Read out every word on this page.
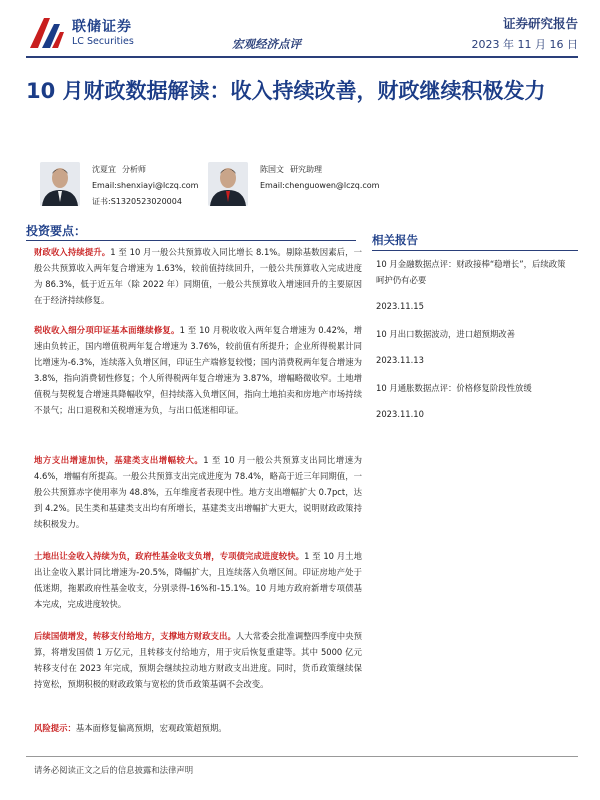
联储证券
LC Securities	宏观经济点评
证券研究报告
2023 年 11 月 16 日
10 月财政数据解读：收入持续改善，财政继续积极发力
沈夏宜 分析师
Email:shenxiayi@lczq.com
证书:S1320523020004
陈国文 研究助理
Email:chenguowen@lczq.com
投资要点：
相关报告
财政收入持续提升。1 至 10 月一般公共预算收入同比增长 8.1%。剔除基数因素后，一般公共预算收入两年复合增速为 1.63%，较前值持续回升，一般公共预算收入完成进度为 86.3%，低于近五年（除 2022 年）同期值，一般公共预算收入增速回升的主要原因在于经济持续修复。
税收收入细分项印证基本面继续修复。1 至 10 月税收收入两年复合增速为 0.42%，增速由负转正，国内增值税两年复合增速为 3.76%，较前值有所提升；企业所得税累计同比增速为-6.3%，连续落入负增区间，印证生产端修复较慢；国内消费税两年复合增速为 3.8%，指向消费韧性修复；个人所得税两年复合增速为 3.87%，增幅略微收窄。土地增值税与契税复合增速具降幅收窄，但持续落入负增区间，指向土地拍卖和房地产市场持续不景气；出口退税和关税增速为负，与出口低迷相印证。
地方支出增速加快，基建类支出增幅较大。1 至 10 月一般公共预算支出同比增速为 4.6%，增幅有所提高。一般公共预算支出完成进度为 78.4%，略高于近三年同期值，一般公共预算赤字使用率为 48.8%，五年维度者表现中性。地方支出增幅扩大 0.7pct，达到 4.2%。民生类和基建类支出均有所增长，基建类支出增幅扩大更大，说明财政政策持续积极发力。
土地出让金收入持续为负，政府性基金收支负增，专项债完成进度较快。1 至 10 月土地出让金收入累计同比增速为-20.5%，降幅扩大，且连续落入负增区间。印证房地产处于低迷期，拖累政府性基金收支，分别录得-16%和-15.1%。10 月地方政府新增专项债基本完成，完成进度较快。
后续国债增发，转移支付给地方，支撑地方财政支出。人大常委会批准调整四季度中央预算，将增发国债 1 万亿元，且转移支付给地方，用于灾后恢复重建等。其中 5000 亿元转移支付在 2023 年完成，预期会继续拉动地方财政支出进度。同时，货币政策继续保持宽松，预期积极的财政政策与宽松的货币政策基调不会改变。
风险提示：基本面修复偏离预期，宏观政策超预期。
10 月金融数据点评：财政接棒“稳增长”，后续政策呵护仍有必要
2023.11.15
10 月出口数据波动，进口超预期改善
2023.11.13
10 月通胀数据点评：价格修复阶段性放缓
2023.11.10
请务必阅读正文之后的信息披露和法律声明
